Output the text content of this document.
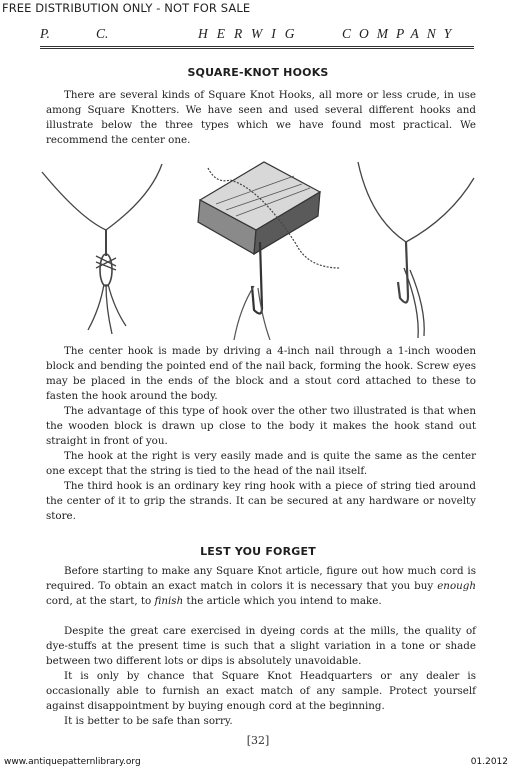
FREE DISTRIBUTION ONLY - NOT FOR SALE
P.	C.	HERWIG	COMPANY
SQUARE-KNOT HOOKS
There are several kinds of Square Knot Hooks, all more or less crude, in use among Square Knotters. We have seen and used several different hooks and illustrate below the three types which we have found most practical. We recommend the center one.
The center hook is made by driving a 4-inch nail through a 1-inch wooden block and bending the pointed end of the nail back, forming the hook. Screw eyes may be placed in the ends of the block and a stout cord attached to these to fasten the hook around the body.
The advantage of this type of hook over the other two illustrated is that when the wooden block is drawn up close to the body it makes the hook stand out straight in front of you.
The hook at the right is very easily made and is quite the same as the center one except that the string is tied to the head of the nail itself.
The third hook is an ordinary key ring hook with a piece of string tied around the center of it to grip the strands. It can be secured at any hardware or novelty store.
LEST YOU FORGET
Before starting to make any Square Knot article, figure out how much cord is required. To obtain an exact match in colors it is necessary that you buy enough cord, at the start, to finish the article which you intend to make.
Despite the great care exercised in dyeing cords at the mills, the quality of dye-stuffs at the present time is such that a slight variation in a tone or shade between two different lots or dips is absolutely unavoidable.
It is only by chance that Square Knot Headquarters or any dealer is occasionally able to furnish an exact match of any sample. Protect yourself against disappointment by buying enough cord at the beginning.
It is better to be safe than sorry.
[32]
www.antiquepatternlibrary.org	01.2012
